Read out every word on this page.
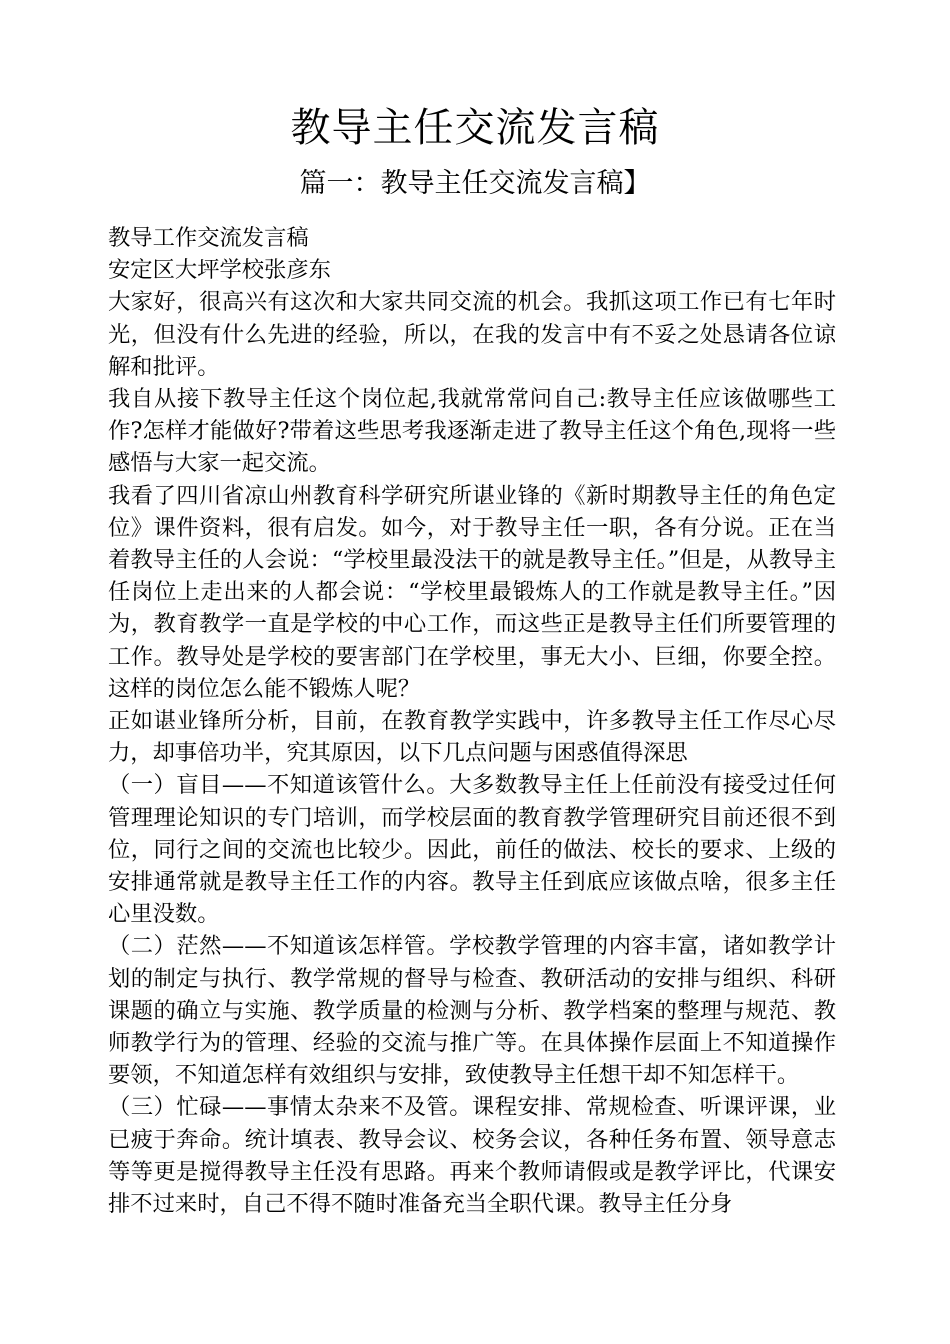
教导主任交流发言稿
篇一：教导主任交流发言稿】

教导工作交流发言稿

安定区大坪学校张彦东

大家好，很高兴有这次和大家共同交流的机会。我抓这项工作已有七年时光，但没有什么先进的经验，所以，在我的发言中有不妥之处恳请各位谅解和批评。

我自从接下教导主任这个岗位起,我就常常问自己:教导主任应该做哪些工作?怎样才能做好?带着这些思考我逐渐走进了教导主任这个角色,现将一些感悟与大家一起交流。

我看了四川省凉山州教育科学研究所谌业锋的《新时期教导主任的角色定位》课件资料，很有启发。如今，对于教导主任一职，各有分说。正在当着教导主任的人会说：“学校里最没法干的就是教导主任。”但是，从教导主任岗位上走出来的人都会说：“学校里最锻炼人的工作就是教导主任。”因为，教育教学一直是学校的中心工作，而这些正是教导主任们所要管理的工作。教导处是学校的要害部门在学校里，事无大小、巨细，你要全控。这样的岗位怎么能不锻炼人呢？

正如谌业锋所分析，目前，在教育教学实践中，许多教导主任工作尽心尽力，却事倍功半，究其原因，以下几点问题与困惑值得深思

（一）盲目——不知道该管什么。大多数教导主任上任前没有接受过任何管理理论知识的专门培训，而学校层面的教育教学管理研究目前还很不到位，同行之间的交流也比较少。因此，前任的做法、校长的要求、上级的安排通常就是教导主任工作的内容。教导主任到底应该做点啥，很多主任心里没数。

（二）茫然——不知道该怎样管。学校教学管理的内容丰富，诸如教学计划的制定与执行、教学常规的督导与检查、教研活动的安排与组织、科研课题的确立与实施、教学质量的检测与分析、教学档案的整理与规范、教师教学行为的管理、经验的交流与推广等。在具体操作层面上不知道操作要领，不知道怎样有效组织与安排，致使教导主任想干却不知怎样干。

（三）忙碌——事情太杂来不及管。课程安排、常规检查、听课评课，业已疲于奔命。统计填表、教导会议、校务会议，各种任务布置、领导意志等等更是搅得教导主任没有思路。再来个教师请假或是教学评比，代课安排不过来时，自己不得不随时准备充当全职代课。教导主任分身
